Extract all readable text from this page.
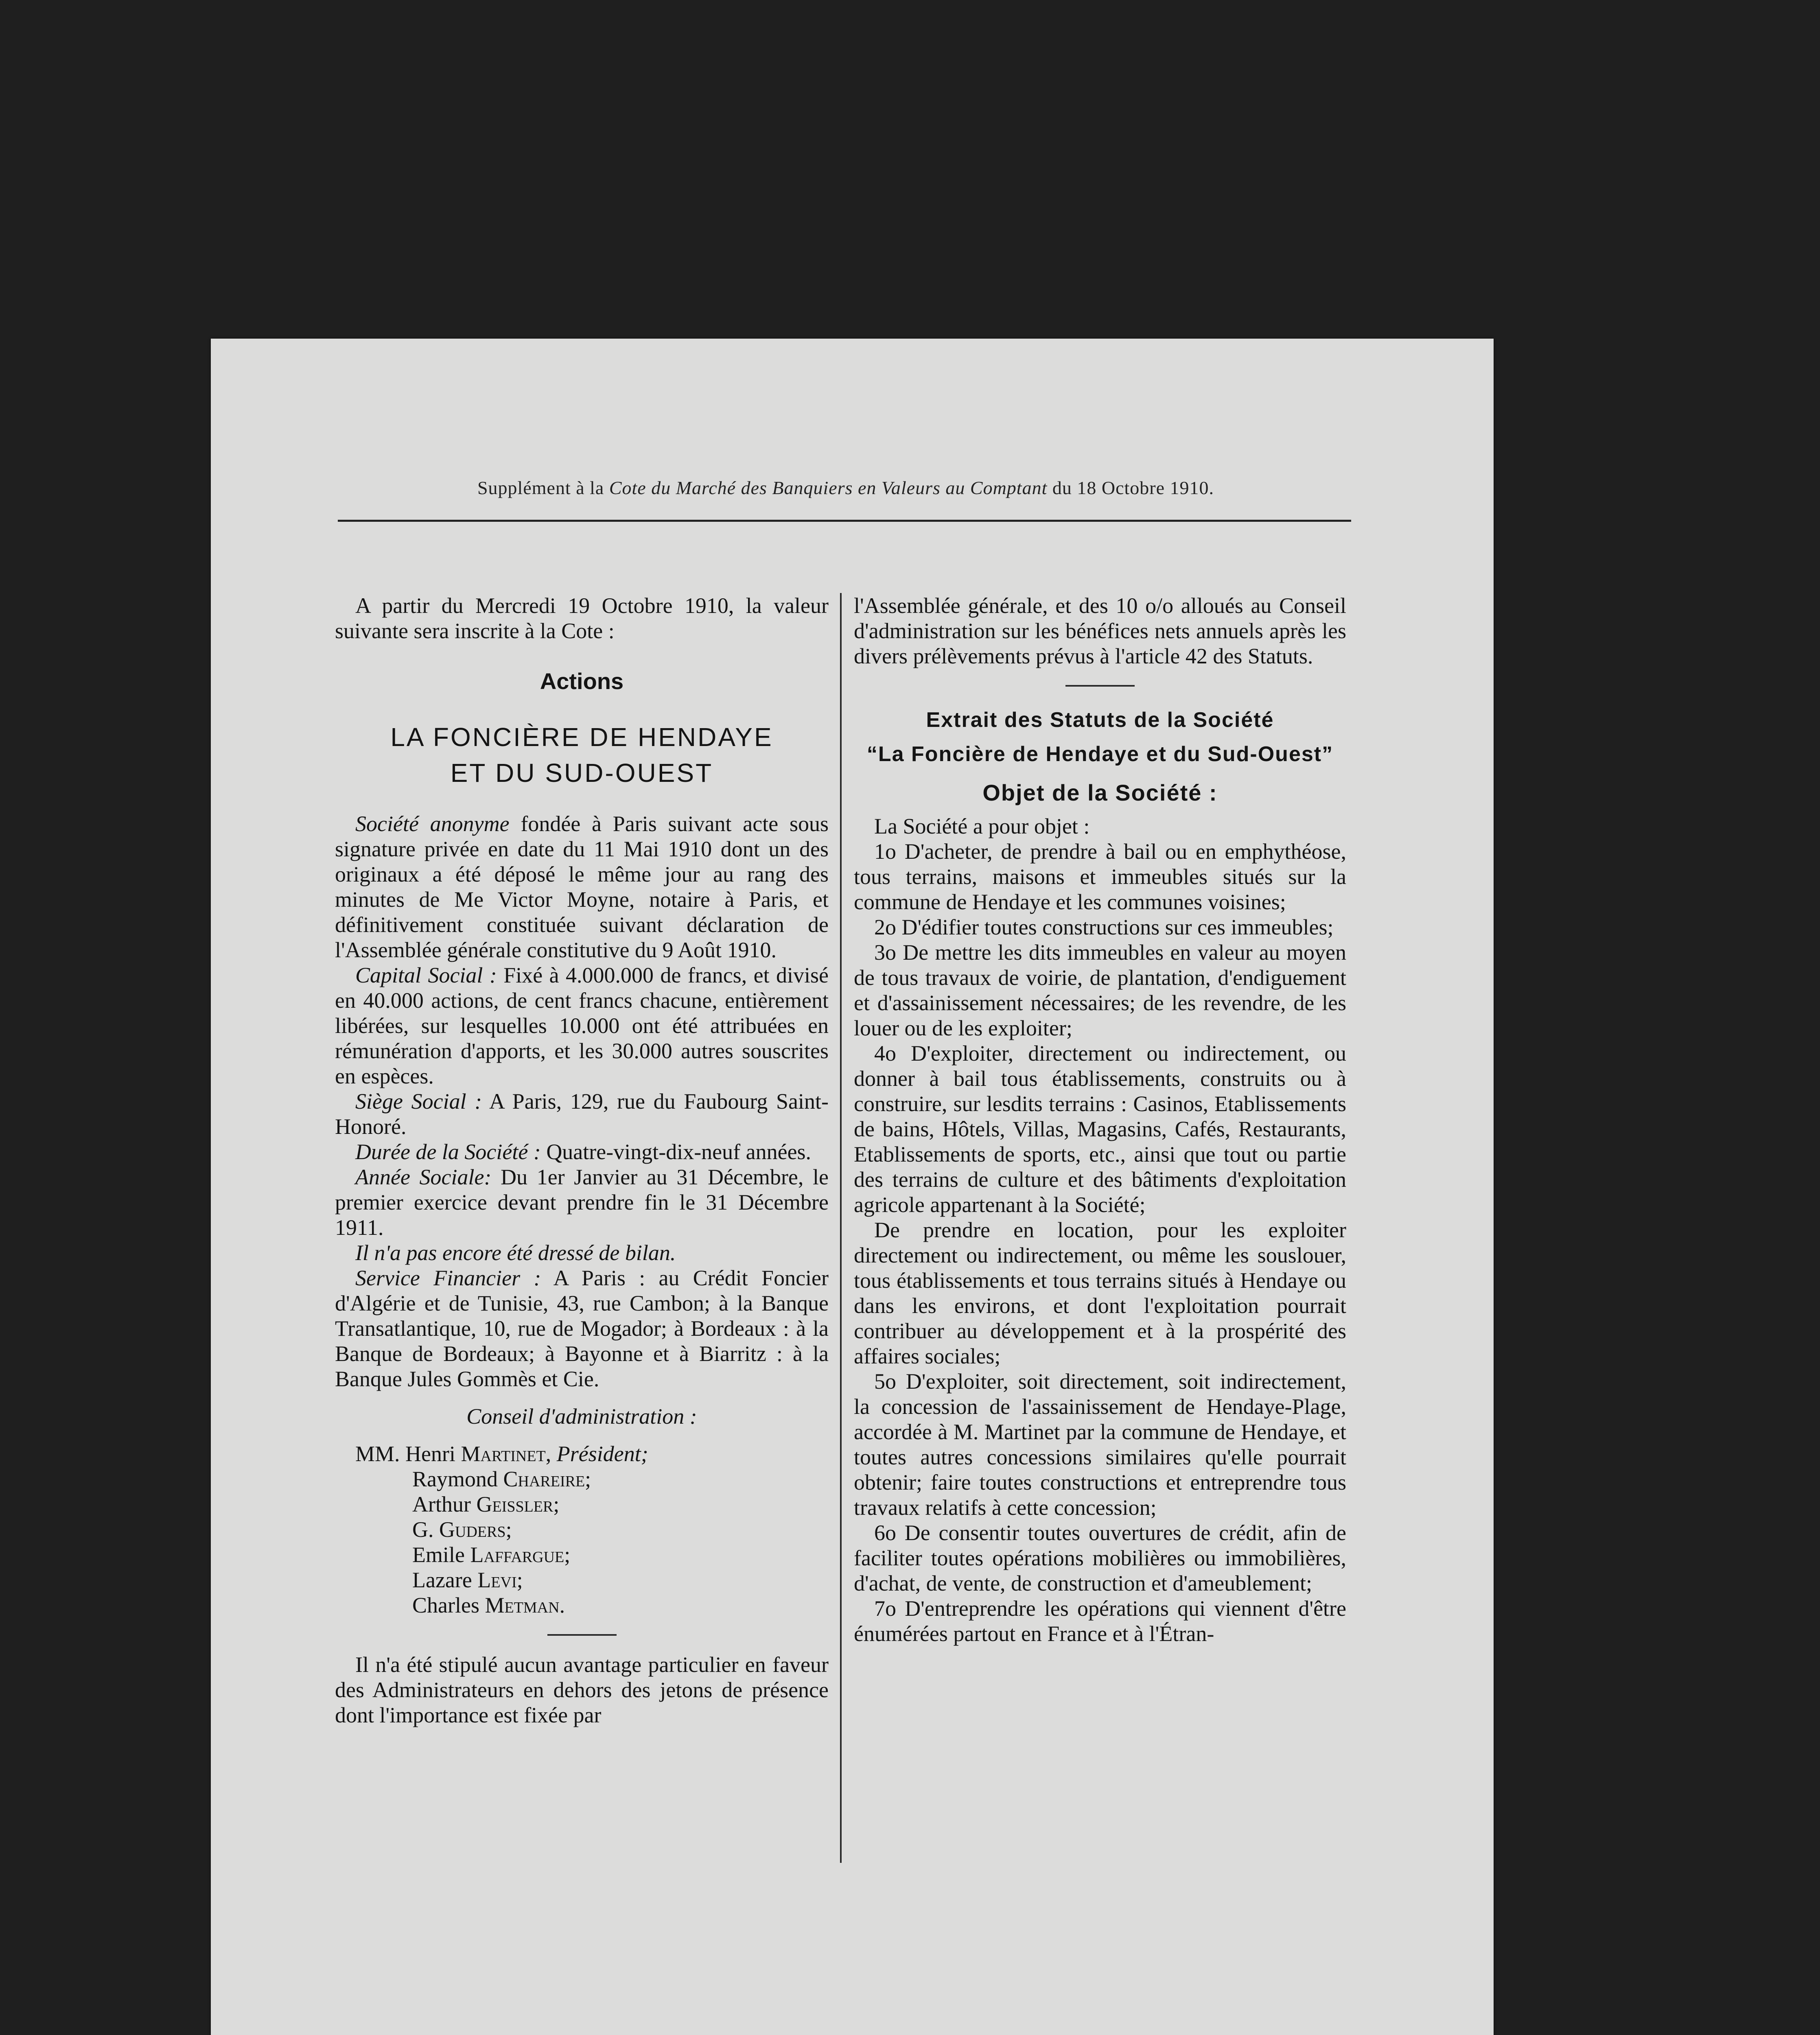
Supplément à la Cote du Marché des Banquiers en Valeurs au Comptant du 18 Octobre 1910.

A partir du Mercredi 19 Octobre 1910, la valeur suivante sera inscrite à la Cote :

Actions

LA FONCIÈRE DE HENDAYE

ET DU SUD-OUEST

Société anonyme fondée à Paris suivant acte sous signature privée en date du 11 Mai 1910 dont un des originaux a été déposé le même jour au rang des minutes de Me Victor Moyne, notaire à Paris, et définitivement constituée suivant déclaration de l'Assemblée générale constitutive du 9 Août 1910.

Capital Social : Fixé à 4.000.000 de francs, et divisé en 40.000 actions, de cent francs chacune, entièrement libérées, sur lesquelles 10.000 ont été attribuées en rémunération d'apports, et les 30.000 autres souscrites en espèces.

Siège Social : A Paris, 129, rue du Faubourg Saint-Honoré.

Durée de la Société : Quatre-vingt-dix-neuf années.

Année Sociale: Du 1er Janvier au 31 Décembre, le premier exercice devant prendre fin le 31 Décembre 1911.

Il n'a pas encore été dressé de bilan.

Service Financier : A Paris : au Crédit Foncier d'Algérie et de Tunisie, 43, rue Cambon; à la Banque Transatlantique, 10, rue de Mogador; à Bordeaux : à la Banque de Bordeaux; à Bayonne et à Biarritz : à la Banque Jules Gommès et Cie.

Conseil d'administration :

MM. Henri Martinet, Président;

Raymond Chareire;

Arthur Geissler;

G. Guders;

Emile Laffargue;

Lazare Levi;

Charles Metman.

Il n'a été stipulé aucun avantage particulier en faveur des Administrateurs en dehors des jetons de présence dont l'importance est fixée par

l'Assemblée générale, et des 10 o/o alloués au Conseil d'administration sur les bénéfices nets annuels après les divers prélèvements prévus à l'article 42 des Statuts.

Extrait des Statuts de la Société

“La Foncière de Hendaye et du Sud-Ouest”

Objet de la Société :

La Société a pour objet :

1o D'acheter, de prendre à bail ou en emphythéose, tous terrains, maisons et immeubles situés sur la commune de Hendaye et les communes voisines;

2o D'édifier toutes constructions sur ces immeubles;

3o De mettre les dits immeubles en valeur au moyen de tous travaux de voirie, de plantation, d'endiguement et d'assainissement nécessaires; de les revendre, de les louer ou de les exploiter;

4o D'exploiter, directement ou indirectement, ou donner à bail tous établissements, construits ou à construire, sur lesdits terrains : Casinos, Etablissements de bains, Hôtels, Villas, Magasins, Cafés, Restaurants, Etablissements de sports, etc., ainsi que tout ou partie des terrains de culture et des bâtiments d'exploitation agricole appartenant à la Société;

De prendre en location, pour les exploiter directement ou indirectement, ou même les souslouer, tous établissements et tous terrains situés à Hendaye ou dans les environs, et dont l'exploitation pourrait contribuer au développement et à la prospérité des affaires sociales;

5o D'exploiter, soit directement, soit indirectement, la concession de l'assainissement de Hendaye-Plage, accordée à M. Martinet par la commune de Hendaye, et toutes autres concessions similaires qu'elle pourrait obtenir; faire toutes constructions et entreprendre tous travaux relatifs à cette concession;

6o De consentir toutes ouvertures de crédit, afin de faciliter toutes opérations mobilières ou immobilières, d'achat, de vente, de construction et d'ameublement;

7o D'entreprendre les opérations qui viennent d'être énumérées partout en France et à l'Étran-
